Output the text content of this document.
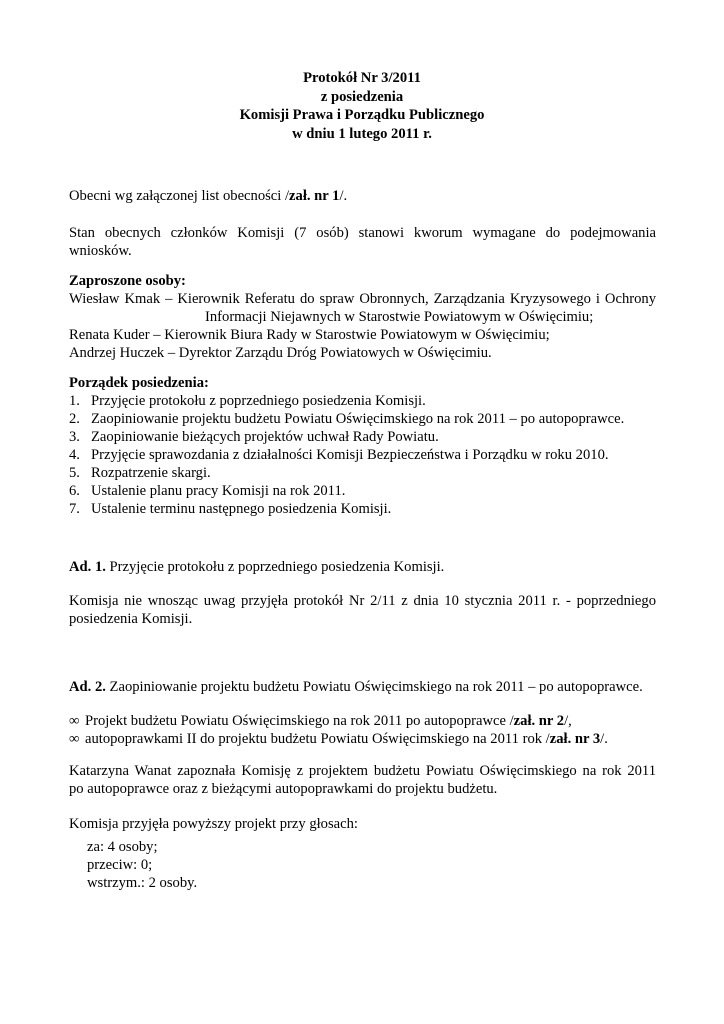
Protokół Nr 3/2011
z posiedzenia
Komisji Prawa i Porządku Publicznego
w dniu 1 lutego 2011 r.
Obecni wg załączonej list obecności /zał. nr 1/.
Stan obecnych członków Komisji (7 osób) stanowi kworum wymagane do podejmowania
wniosków.
Zaproszone osoby:
Wiesław Kmak – Kierownik Referatu do spraw Obronnych, Zarządzania Kryzysowego i Ochrony
Informacji Niejawnych w Starostwie Powiatowym w Oświęcimiu;
Renata Kuder – Kierownik Biura Rady w Starostwie Powiatowym w Oświęcimiu;
Andrzej Huczek – Dyrektor Zarządu Dróg Powiatowych w Oświęcimiu.
Porządek posiedzenia:
1. Przyjęcie protokołu z poprzedniego posiedzenia Komisji.
2. Zaopiniowanie projektu budżetu Powiatu Oświęcimskiego na rok 2011 – po autopoprawce.
3. Zaopiniowanie bieżących projektów uchwał Rady Powiatu.
4. Przyjęcie sprawozdania z działalności Komisji Bezpieczeństwa i Porządku w roku 2010.
5. Rozpatrzenie skargi.
6. Ustalenie planu pracy Komisji na rok 2011.
7. Ustalenie terminu następnego posiedzenia Komisji.
Ad. 1. Przyjęcie protokołu z poprzedniego posiedzenia Komisji.
Komisja nie wnosząc uwag przyjęła protokół Nr 2/11 z dnia 10 stycznia 2011 r. - poprzedniego
posiedzenia Komisji.
Ad. 2. Zaopiniowanie projektu budżetu Powiatu Oświęcimskiego na rok 2011 – po autopoprawce.
∞ Projekt budżetu Powiatu Oświęcimskiego na rok 2011 po autopoprawce /zał. nr 2/,
∞ autopoprawkami II do projektu budżetu Powiatu Oświęcimskiego na 2011 rok /zał. nr 3/.
Katarzyna Wanat zapoznała Komisję z projektem budżetu Powiatu Oświęcimskiego na rok 2011
po autopoprawce oraz z bieżącymi autopoprawkami do projektu budżetu.
Komisja przyjęła powyższy projekt przy głosach:
za: 4 osoby;
przeciw: 0;
wstrzym.: 2 osoby.
